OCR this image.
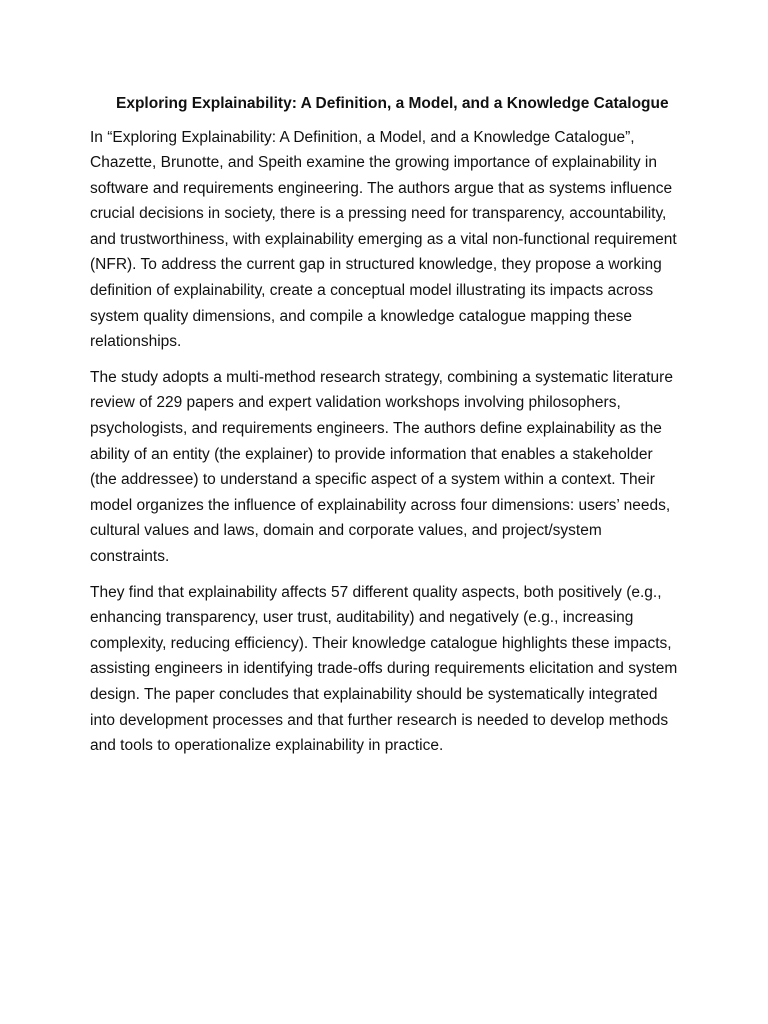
Exploring Explainability: A Definition, a Model, and a Knowledge Catalogue

In “Exploring Explainability: A Definition, a Model, and a Knowledge Catalogue”, Chazette, Brunotte, and Speith examine the growing importance of explainability in software and requirements engineering. The authors argue that as systems influence crucial decisions in society, there is a pressing need for transparency, accountability, and trustworthiness, with explainability emerging as a vital non-functional requirement (NFR). To address the current gap in structured knowledge, they propose a working definition of explainability, create a conceptual model illustrating its impacts across system quality dimensions, and compile a knowledge catalogue mapping these relationships.

The study adopts a multi-method research strategy, combining a systematic literature review of 229 papers and expert validation workshops involving philosophers, psychologists, and requirements engineers. The authors define explainability as the ability of an entity (the explainer) to provide information that enables a stakeholder (the addressee) to understand a specific aspect of a system within a context. Their model organizes the influence of explainability across four dimensions: users’ needs, cultural values and laws, domain and corporate values, and project/system constraints.

They find that explainability affects 57 different quality aspects, both positively (e.g., enhancing transparency, user trust, auditability) and negatively (e.g., increasing complexity, reducing efficiency). Their knowledge catalogue highlights these impacts, assisting engineers in identifying trade-offs during requirements elicitation and system design. The paper concludes that explainability should be systematically integrated into development processes and that further research is needed to develop methods and tools to operationalize explainability in practice.
